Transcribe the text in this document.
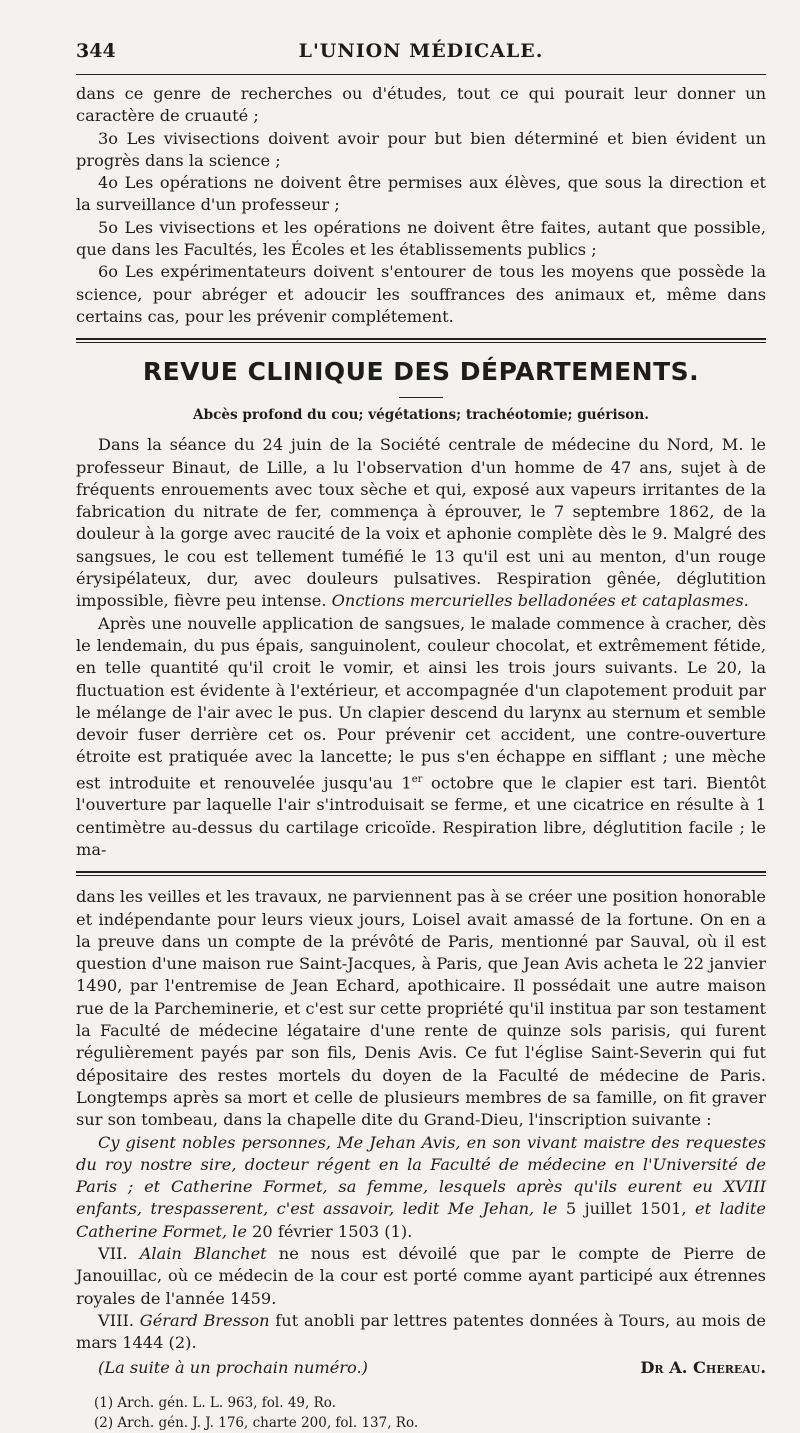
344	L'UNION MÉDICALE.

dans ce genre de recherches ou d'études, tout ce qui pourait leur donner un caractère de cruauté ;

3o Les vivisections doivent avoir pour but bien déterminé et bien évident un progrès dans la science ;

4o Les opérations ne doivent être permises aux élèves, que sous la direction et la surveillance d'un professeur ;

5o Les vivisections et les opérations ne doivent être faites, autant que possible, que dans les Facultés, les Écoles et les établissements publics ;

6o Les expérimentateurs doivent s'entourer de tous les moyens que possède la science, pour abréger et adoucir les souffrances des animaux et, même dans certains cas, pour les prévenir complétement.

REVUE CLINIQUE DES DÉPARTEMENTS.
Abcès profond du cou; végétations; trachéotomie; guérison.

Dans la séance du 24 juin de la Société centrale de médecine du Nord, M. le professeur Binaut, de Lille, a lu l'observation d'un homme de 47 ans, sujet à de fréquents enrouements avec toux sèche et qui, exposé aux vapeurs irritantes de la fabrication du nitrate de fer, commença à éprouver, le 7 septembre 1862, de la douleur à la gorge avec raucité de la voix et aphonie complète dès le 9. Malgré des sangsues, le cou est tellement tuméfié le 13 qu'il est uni au menton, d'un rouge érysipélateux, dur, avec douleurs pulsatives. Respiration gênée, déglutition impossible, fièvre peu intense. Onctions mercurielles belladonées et cataplasmes.

Après une nouvelle application de sangsues, le malade commence à cracher, dès le lendemain, du pus épais, sanguinolent, couleur chocolat, et extrêmement fétide, en telle quantité qu'il croit le vomir, et ainsi les trois jours suivants. Le 20, la fluctuation est évidente à l'extérieur, et accompagnée d'un clapotement produit par le mélange de l'air avec le pus. Un clapier descend du larynx au sternum et semble devoir fuser derrière cet os. Pour prévenir cet accident, une contre-ouverture étroite est pratiquée avec la lancette; le pus s'en échappe en sifflant ; une mèche est introduite et renouvelée jusqu'au 1er octobre que le clapier est tari. Bientôt l'ouverture par laquelle l'air s'introduisait se ferme, et une cicatrice en résulte à 1 centimètre au-dessus du cartilage cricoïde. Respiration libre, déglutition facile ; le ma-

dans les veilles et les travaux, ne parviennent pas à se créer une position honorable et indépendante pour leurs vieux jours, Loisel avait amassé de la fortune. On en a la preuve dans un compte de la prévôté de Paris, mentionné par Sauval, où il est question d'une maison rue Saint-Jacques, à Paris, que Jean Avis acheta le 22 janvier 1490, par l'entremise de Jean Echard, apothicaire. Il possédait une autre maison rue de la Parcheminerie, et c'est sur cette propriété qu'il institua par son testament la Faculté de médecine légataire d'une rente de quinze sols parisis, qui furent régulièrement payés par son fils, Denis Avis. Ce fut l'église Saint-Severin qui fut dépositaire des restes mortels du doyen de la Faculté de médecine de Paris. Longtemps après sa mort et celle de plusieurs membres de sa famille, on fit graver sur son tombeau, dans la chapelle dite du Grand-Dieu, l'inscription suivante :

Cy gisent nobles personnes, Me Jehan Avis, en son vivant maistre des requestes du roy nostre sire, docteur régent en la Faculté de médecine en l'Université de Paris ; et Catherine Formet, sa femme, lesquels après qu'ils eurent eu XVIII enfants, trespasserent, c'est assavoir, ledit Me Jehan, le 5 juillet 1501, et ladite Catherine Formet, le 20 février 1503 (1).

VII. Alain Blanchet ne nous est dévoilé que par le compte de Pierre de Janouillac, où ce médecin de la cour est porté comme ayant participé aux étrennes royales de l'année 1459.

VIII. Gérard Bresson fut anobli par lettres patentes données à Tours, au mois de mars 1444 (2).

(La suite à un prochain numéro.)	Dr A. Chereau.
(1) Arch. gén. L. L. 963, fol. 49, Ro.
(2) Arch. gén. J. J. 176, charte 200, fol. 137, Ro.
